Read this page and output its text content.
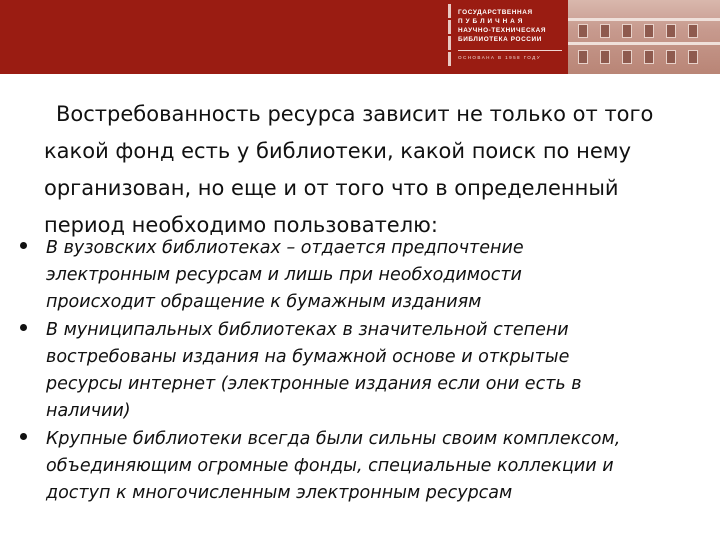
ГОСУДАРСТВЕННАЯ
П У Б Л И Ч Н А Я
НАУЧНО-ТЕХНИЧЕСКАЯ
БИБЛИОТЕКА РОССИИ
ОСНОВАНА В 1958 ГОДУ
Востребованность ресурса зависит не только от того
какой фонд есть у библиотеки, какой поиск по нему
организован, но еще и от того что в определенный
период необходимо пользователю:
В вузовских библиотеках – отдается предпочтение
электронным ресурсам и лишь при необходимости
происходит обращение к бумажным изданиям
В муниципальных библиотеках в значительной степени
востребованы издания на бумажной основе и открытые
ресурсы интернет (электронные издания если они есть в
наличии)
Крупные библиотеки всегда были сильны своим комплексом,
объединяющим огромные фонды, специальные коллекции и
доступ к многочисленным электронным ресурсам
